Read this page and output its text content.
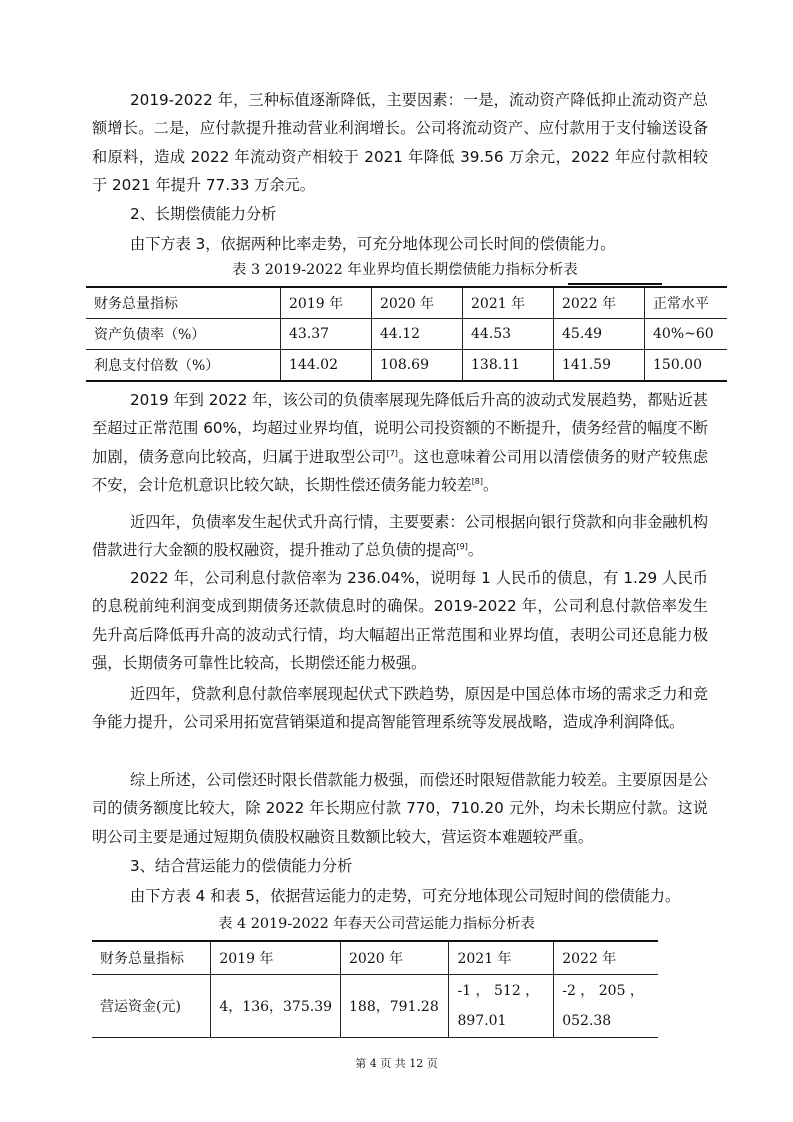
2019-2022 年，三种标值逐渐降低，主要因素：一是，流动资产降低抑止流动资产总额增长。二是，应付款提升推动营业利润增长。公司将流动资产、应付款用于支付输送设备和原料，造成 2022 年流动资产相较于 2021 年降低 39.56 万余元，2022 年应付款相较于 2021 年提升 77.33 万余元。

2、长期偿债能力分析

由下方表 3，依据两种比率走势，可充分地体现公司长时间的偿债能力。

表 3 2019-2022 年业界均值长期偿债能力指标分析表
财务总量指标	2019 年	2020 年	2021 年	2022 年	正常水平
资产负债率（%）	43.37	44.12	44.53	45.49	40%~60
利息支付倍数（%）	144.02	108.69	138.11	141.59	150.00

2019 年到 2022 年，该公司的负债率展现先降低后升高的波动式发展趋势，都贴近甚至超过正常范围 60%，均超过业界均值，说明公司投资额的不断提升，债务经营的幅度不断加剧，债务意向比较高，归属于进取型公司[7]。这也意味着公司用以清偿债务的财产较焦虑不安，会计危机意识比较欠缺，长期性偿还债务能力较差[8]。

近四年，负债率发生起伏式升高行情，主要要素：公司根据向银行贷款和向非金融机构借款进行大金额的股权融资，提升推动了总负债的提高[9]。

2022 年，公司利息付款倍率为 236.04%，说明每 1 人民币的债息，有 1.29 人民币的息税前纯利润变成到期债务还款债息时的确保。2019-2022 年，公司利息付款倍率发生先升高后降低再升高的波动式行情，均大幅超出正常范围和业界均值，表明公司还息能力极强，长期债务可靠性比较高，长期偿还能力极强。

近四年，贷款利息付款倍率展现起伏式下跌趋势，原因是中国总体市场的需求乏力和竞争能力提升，公司采用拓宽营销渠道和提高智能管理系统等发展战略，造成净利润降低。

综上所述，公司偿还时限长借款能力极强，而偿还时限短借款能力较差。主要原因是公司的债务额度比较大，除 2022 年长期应付款 770，710.20 元外，均未长期应付款。这说明公司主要是通过短期负债股权融资且数额比较大，营运资本难题较严重。

3、结合营运能力的偿债能力分析

由下方表 4 和表 5，依据营运能力的走势，可充分地体现公司短时间的偿债能力。

表 4 2019-2022 年春天公司营运能力指标分析表
财务总量指标	2019 年	2020 年	2021 年	2022 年
营运资金(元)	4，136，375.39	188，791.28	-1 ， 512 ， 897.01	-2 ， 205 ， 052.38
第 4 页 共 12 页
